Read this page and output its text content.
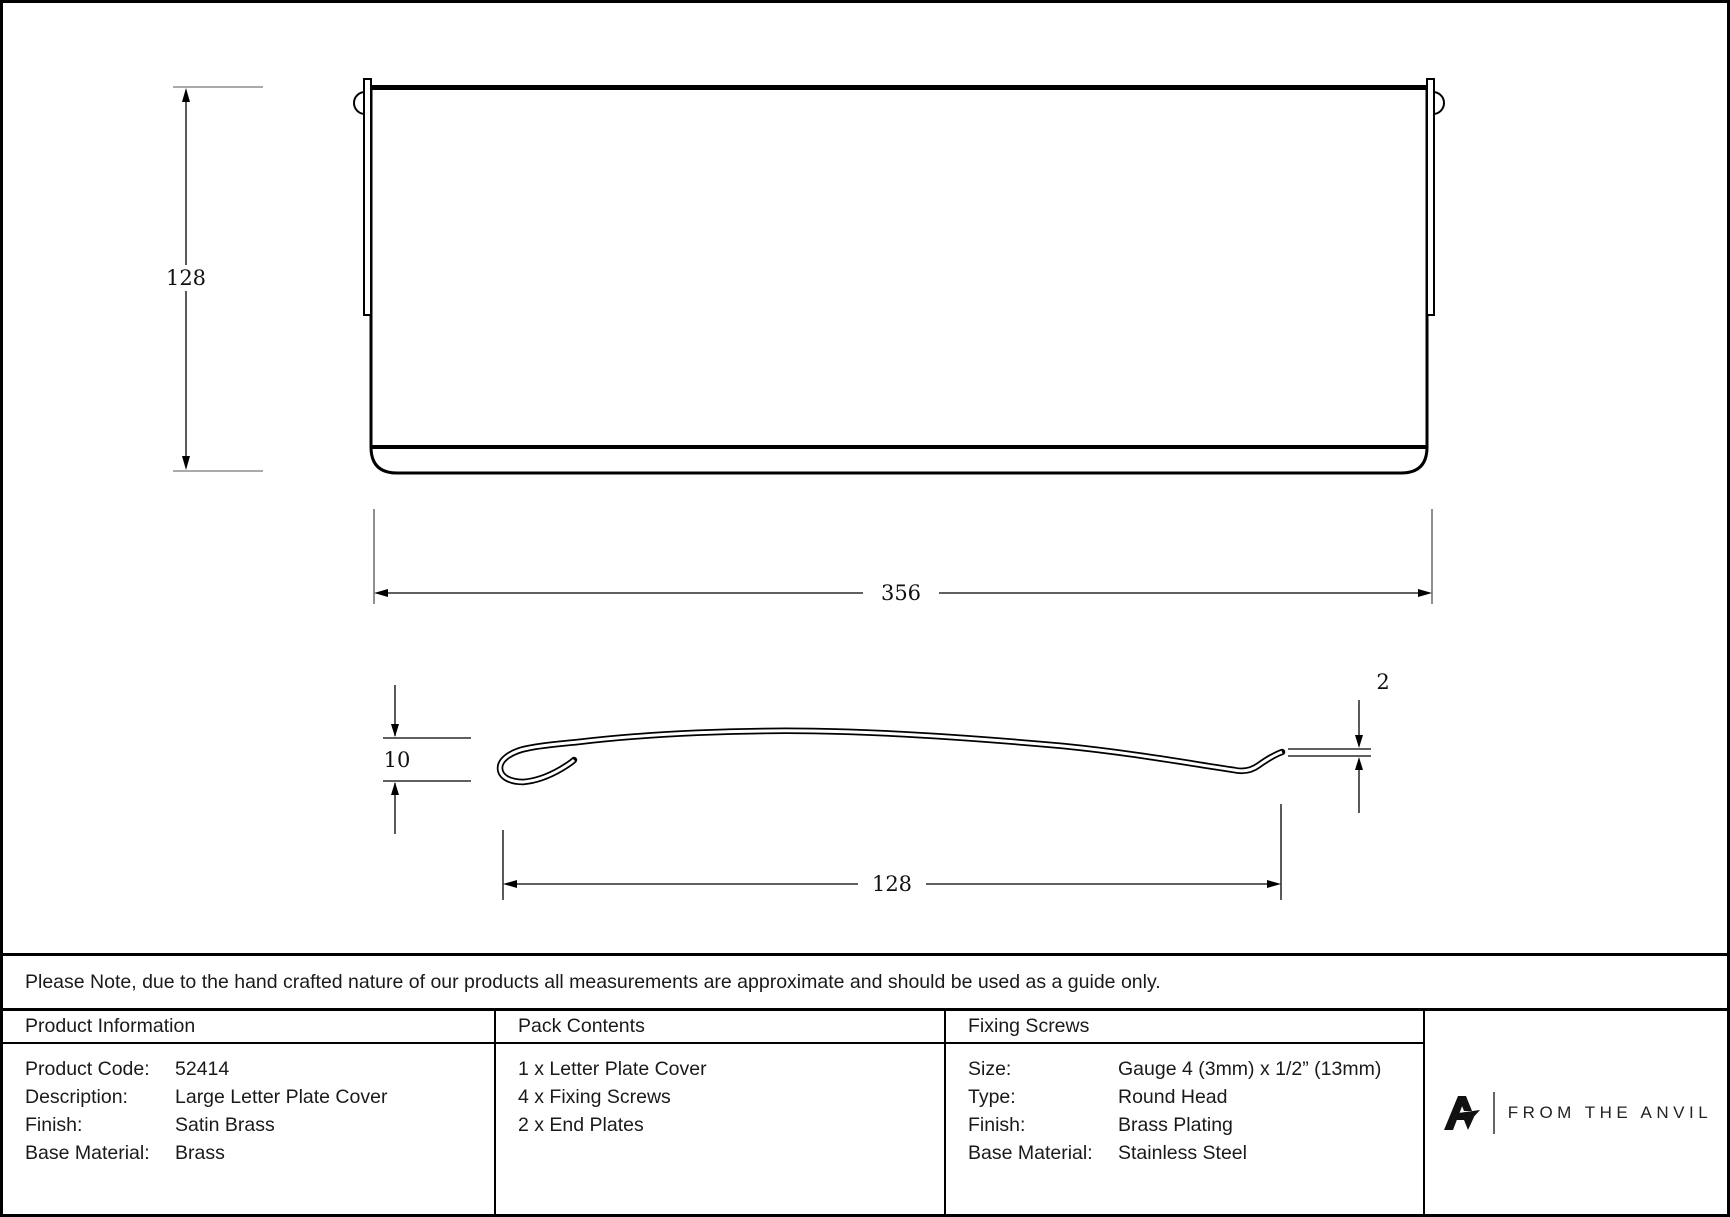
128
356
10
2
128
Please Note, due to the hand crafted nature of our products all measurements are approximate and should be used as a guide only.
Product Information
Product Code:	52414
Description:	Large Letter Plate Cover
Finish:	Satin Brass
Base Material:	Brass
Pack Contents
1 x Letter Plate Cover
4 x Fixing Screws
2 x End Plates
Fixing Screws
Size:	Gauge 4 (3mm) x 1/2” (13mm)
Type:	Round Head
Finish:	Brass Plating
Base Material:	Stainless Steel
FROM THE ANVIL
